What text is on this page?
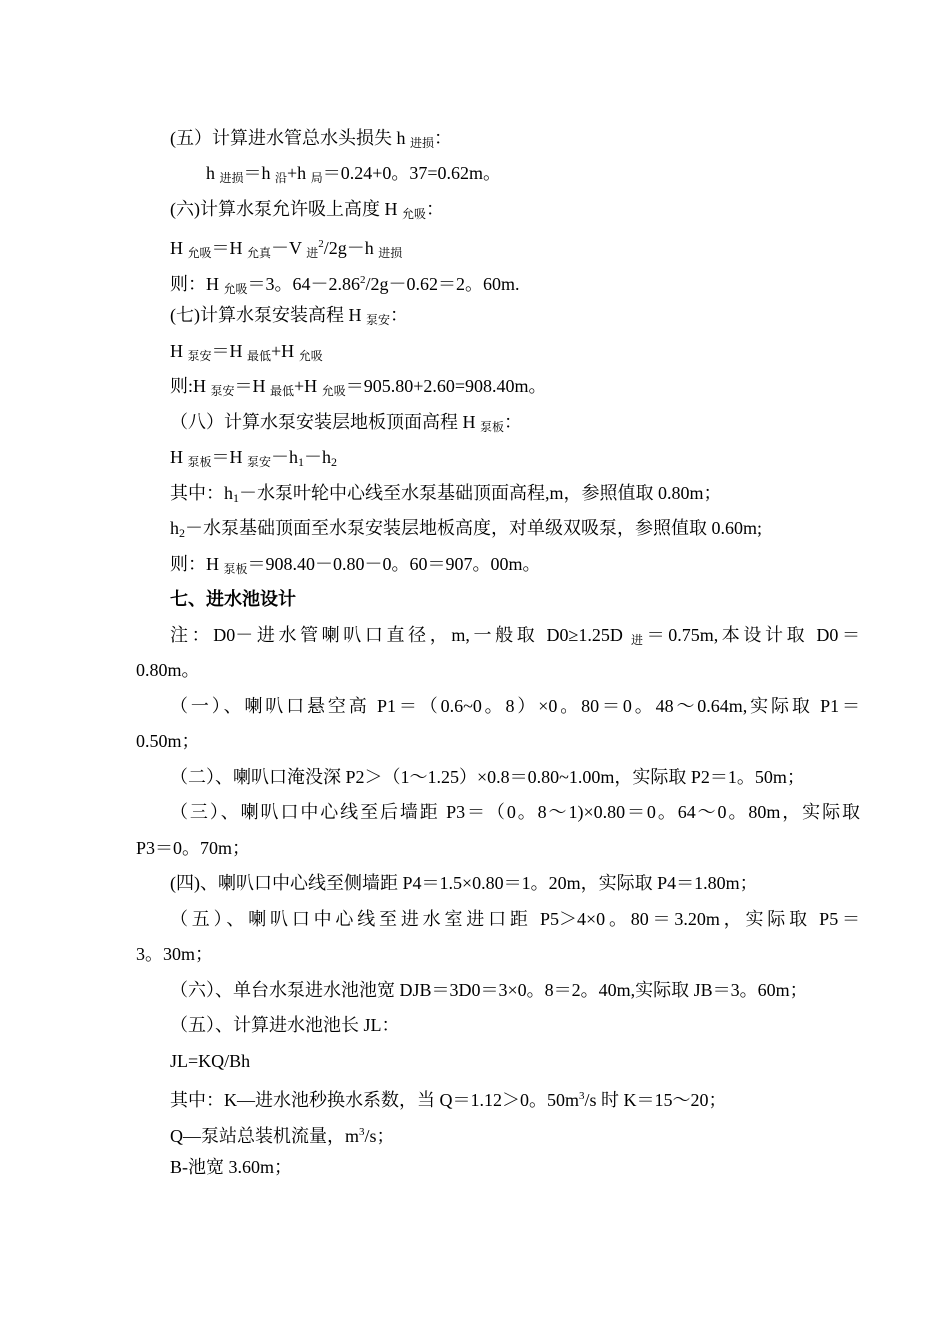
(五）计算进水管总水头损失 h $_{进损}$：
h $_{进损}$＝h $_沿$+h $_局$＝0.24+0。37=0.62m。
(六)计算水泵允许吸上高度 H $_{允吸}$：
H $_{允吸}$＝H $_{允真}$－V $_进^2$/2g－h $_{进损}$
则：H $_{允吸}$＝3。$64-2.86^2/2g-0.62=2$。60m.
(七)计算水泵安装高程 H $_{泵安}$：
H $_{泵安}$＝H $_{最低}$+H $_{允吸}$
则:H $_{泵安}$＝H $_{最低}$+H $_{允吸}$＝905.80+2.60=908.40m。
（八）计算水泵安装层地板顶面高程 H $_{泵板}$：
H $_{泵板}$＝H $_{泵安}-h_1-h_2$
其中：$h_1-$水泵叶轮中心线至水泵基础顶面高程,m，参照值取 0.80m；
$h_2-$水泵基础顶面至水泵安装层地板高度，对单级双吸泵，参照值取 0.60m;
则：H $_{泵板}$＝908.40－0.80－0。60＝907。00m。
七、进水池设计
注：D0－进水管喇叭口直径，m,一般取 D0≥1.25D $_进$＝0.75m,本设计取 D0＝
0.80m。
（一）、喇叭口悬空高 P1＝（0.6~0。8）×0。80＝0。48～0.64m,实际取 P1＝
0.50m；
（二）、喇叭口淹没深 P2＞（1～1.25）×0.8＝0.80~1.00m，实际取 P2＝1。50m；
（三）、喇叭口中心线至后墙距 P3＝（0。8～1)×0.80＝0。64～0。80m，实际取
P3＝0。70m；
(四)、喇叭口中心线至侧墙距 P4＝1.5×0.80＝1。20m，实际取 P4＝1.80m；
（五）、喇叭口中心线至进水室进口距 P5＞4×0。80＝3.20m，实际取 P5＝
3。30m；
（六）、单台水泵进水池池宽 DJB＝3D0＝3×0。8＝2。40m,实际取 JB＝3。60m；
（五）、计算进水池池长 JL：
JL=KQ/Bh
其中：K—进水池秒换水系数，当 Q＝1.12＞0。$50m^3/s$ 时 K＝15～20；
Q—泵站总装机流量，$m^3/s$；
B-池宽 3.60m；
